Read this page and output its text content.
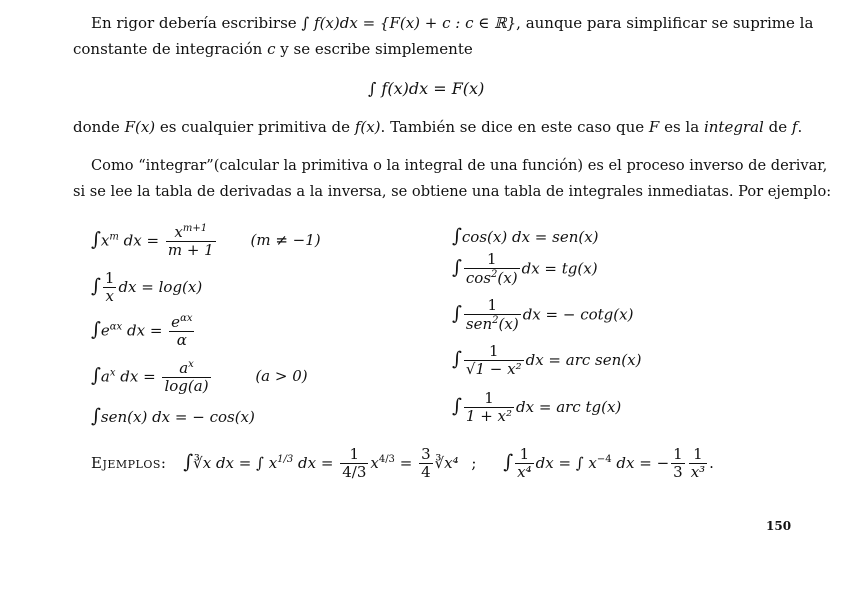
En rigor debería escribirse ∫ f(x)dx = {F(x) + c : c ∈ ℝ}, aunque para simplificar se suprime la
constante de integración c y se escribe simplemente
∫ f(x)dx = F(x)
donde F(x) es cualquier primitiva de f(x). También se dice en este caso que F es la integral de f.
Como “integrar”(calcular la primitiva o la integral de una función) es el proceso inverso de derivar,
si se lee la tabla de derivadas a la inversa, se obtiene una tabla de integrales inmediatas. Por ejemplo:
$\int x^m$ dx = $\frac{x^{m+1}}{m + 1} (m \ne -1)$
∫ $\frac{1}{x}$ dx = log(x)
$\int e^{\alpha x}$ dx = $\frac{e^{\alpha x}}{\alpha}$
$\int a^x$ dx = $\frac{a^x}{\log(a)}$	(a > 0)
∫sen(x) dx = − cos(x)
∫cos(x) dx = sen(x)
∫ $\frac{1}{\cos^2(x)}$ dx = tg(x)
∫ $\frac{1}{sen^2(x)}$ dx = − cotg(x)
∫ $\frac{1}{\text{√1 − x²}}$ dx = arc sen(x)
∫ $\frac{1}{\text{1 + x²}}$ dx = arc tg(x)
Ejemplos: ∫∛x dx = ∫ $x^{1/3}$ dx = $\frac{1}{4/3} x^{4/3} = \frac{3}{4}$ ∛x⁴ ; ∫ $\frac{1}{\text{x⁴}}$ dx = ∫ $x^{-4}$ dx = − $\frac{1}{3} \frac{1}{\text{x³}}$ .
150
